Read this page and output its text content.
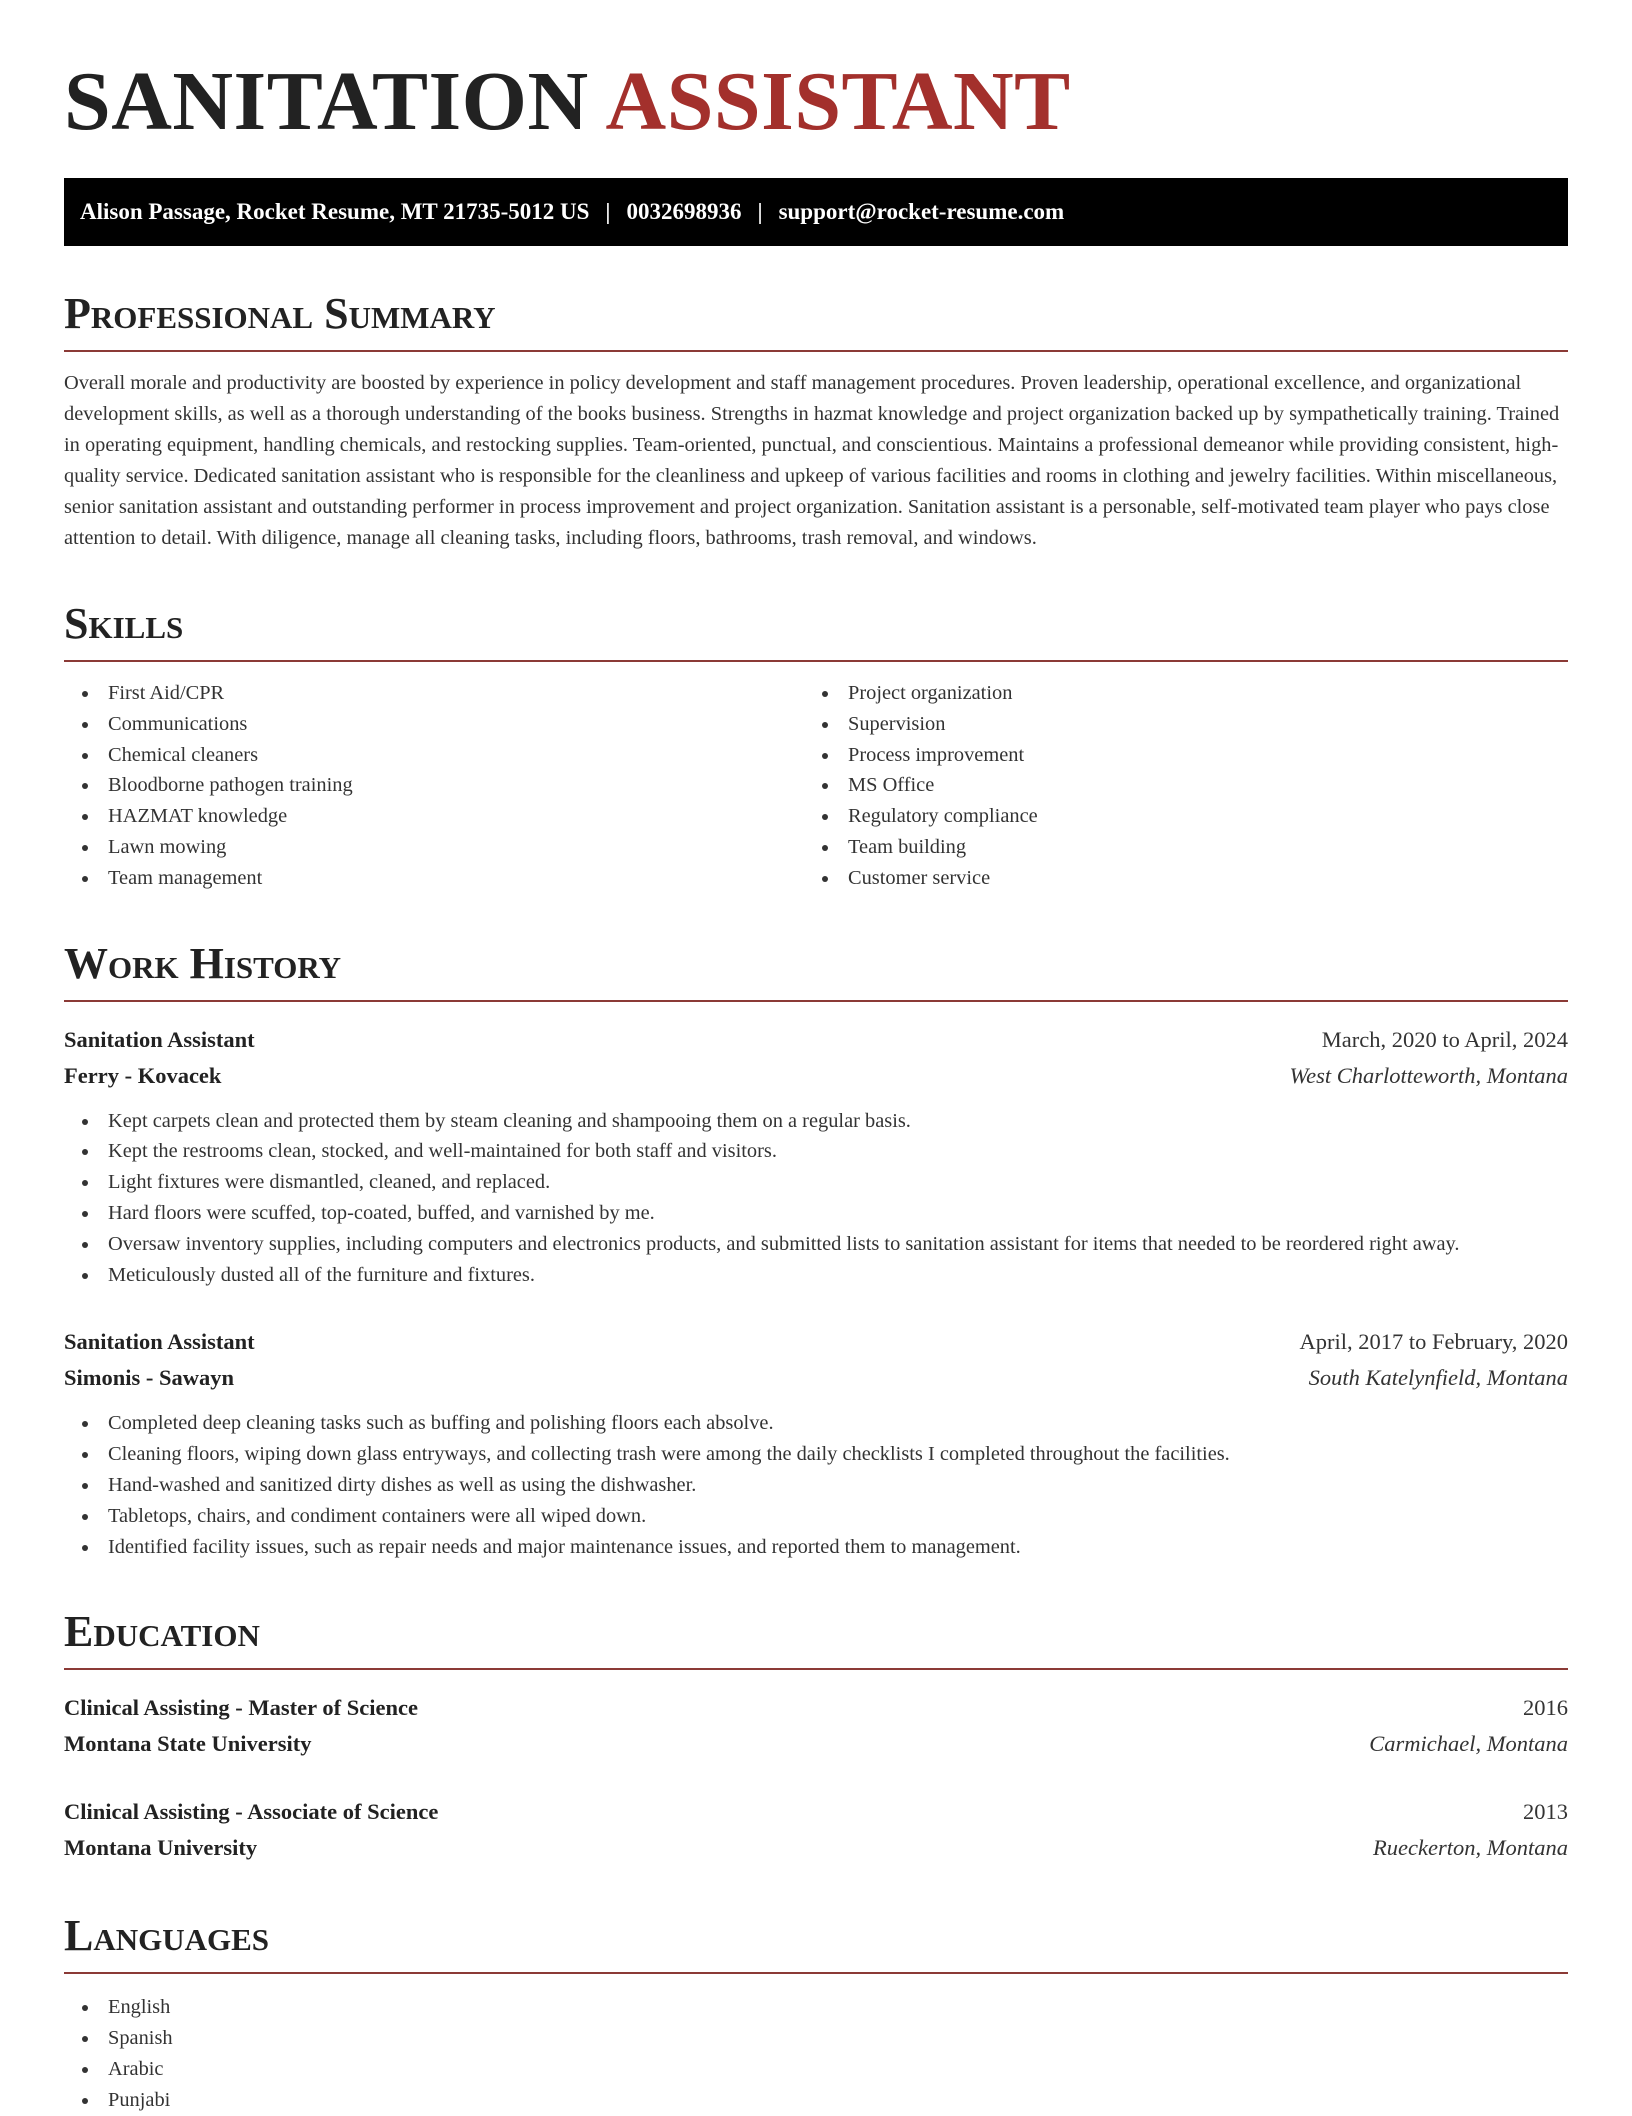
SANITATION ASSISTANT
Alison Passage, Rocket Resume, MT 21735-5012 US | 0032698936 | support@rocket-resume.com
Professional Summary

Overall morale and productivity are boosted by experience in policy development and staff management procedures. Proven leadership, operational excellence, and organizational development skills, as well as a thorough understanding of the books business. Strengths in hazmat knowledge and project organization backed up by sympathetically training. Trained in operating equipment, handling chemicals, and restocking supplies. Team-oriented, punctual, and conscientious. Maintains a professional demeanor while providing consistent, high-quality service. Dedicated sanitation assistant who is responsible for the cleanliness and upkeep of various facilities and rooms in clothing and jewelry facilities. Within miscellaneous, senior sanitation assistant and outstanding performer in process improvement and project organization. Sanitation assistant is a personable, self-motivated team player who pays close attention to detail. With diligence, manage all cleaning tasks, including floors, bathrooms, trash removal, and windows.

Skills
First Aid/CPR
Communications
Chemical cleaners
Bloodborne pathogen training
HAZMAT knowledge
Lawn mowing
Team management
Project organization
Supervision
Process improvement
MS Office
Regulatory compliance
Team building
Customer service
Work History
Sanitation Assistant	March, 2020 to April, 2024
Ferry - Kovacek	West Charlotteworth, Montana
Kept carpets clean and protected them by steam cleaning and shampooing them on a regular basis.
Kept the restrooms clean, stocked, and well-maintained for both staff and visitors.
Light fixtures were dismantled, cleaned, and replaced.
Hard floors were scuffed, top-coated, buffed, and varnished by me.
Oversaw inventory supplies, including computers and electronics products, and submitted lists to sanitation assistant for items that needed to be reordered right away.
Meticulously dusted all of the furniture and fixtures.
Sanitation Assistant	April, 2017 to February, 2020
Simonis - Sawayn	South Katelynfield, Montana
Completed deep cleaning tasks such as buffing and polishing floors each absolve.
Cleaning floors, wiping down glass entryways, and collecting trash were among the daily checklists I completed throughout the facilities.
Hand-washed and sanitized dirty dishes as well as using the dishwasher.
Tabletops, chairs, and condiment containers were all wiped down.
Identified facility issues, such as repair needs and major maintenance issues, and reported them to management.
Education
Clinical Assisting - Master of Science	2016
Montana State University	Carmichael, Montana
Clinical Assisting - Associate of Science	2013
Montana University	Rueckerton, Montana
Languages
English
Spanish
Arabic
Punjabi
